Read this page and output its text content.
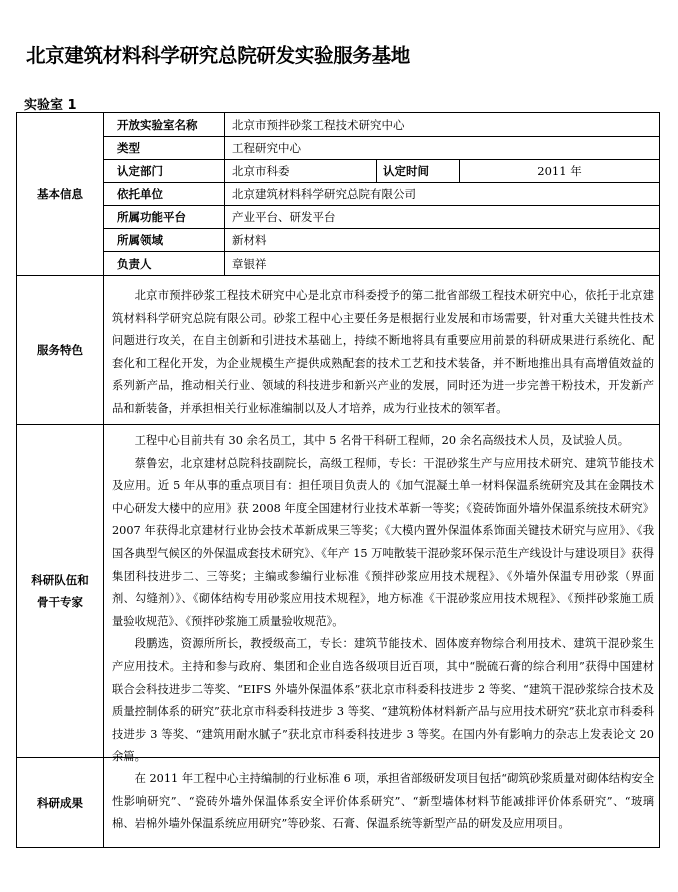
北京建筑材料科学研究总院研发实验服务基地
实验室 1
基本信息
开放实验室名称	北京市预拌砂浆工程技术研究中心
类型	工程研究中心
认定部门	北京市科委	认定时间	2011 年
依托单位	北京建筑材料科学研究总院有限公司
所属功能平台	产业平台、研发平台
所属领域	新材料
负责人	章银祥
服务特色
北京市预拌砂浆工程技术研究中心是北京市科委授予的第二批省部级工程技术研究中心，依托于北京建筑材料科学研究总院有限公司。砂浆工程中心主要任务是根据行业发展和市场需要，针对重大关键共性技术问题进行攻关，在自主创新和引进技术基础上，持续不断地将具有重要应用前景的科研成果进行系统化、配套化和工程化开发，为企业规模生产提供成熟配套的技术工艺和技术装备，并不断地推出具有高增值效益的系列新产品，推动相关行业、领域的科技进步和新兴产业的发展，同时还为进一步完善干粉技术，开发新产品和新装备，并承担相关行业标准编制以及人才培养，成为行业技术的领军者。
科研队伍和
骨干专家

工程中心目前共有 30 余名员工，其中 5 名骨干科研工程师，20 余名高级技术人员，及试验人员。

蔡鲁宏，北京建材总院科技副院长，高级工程师，专长：干混砂浆生产与应用技术研究、建筑节能技术及应用。近 5 年从事的重点项目有：担任项目负责人的《加气混凝土单一材料保温系统研究及其在金隅技术中心研发大楼中的应用》获 2008 年度全国建材行业技术革新一等奖；《瓷砖饰面外墙外保温系统技术研究》2007 年获得北京建材行业协会技术革新成果三等奖；《大模内置外保温体系饰面关键技术研究与应用》、《我国各典型气候区的外保温成套技术研究》、《年产 15 万吨散装干混砂浆环保示范生产线设计与建设项目》获得集团科技进步二、三等奖；主编或参编行业标准《预拌砂浆应用技术规程》、《外墙外保温专用砂浆（界面剂、勾缝剂）》、《砌体结构专用砂浆应用技术规程》，地方标准《干混砂浆应用技术规程》、《预拌砂浆施工质量验收规范》、《预拌砂浆施工质量验收规范》。

段鹏选，资源所所长，教授级高工，专长：建筑节能技术、固体废弃物综合利用技术、建筑干混砂浆生产应用技术。主持和参与政府、集团和企业自选各级项目近百项，其中“脱硫石膏的综合利用”获得中国建材联合会科技进步二等奖、“EIFS 外墙外保温体系”获北京市科委科技进步 2 等奖、“建筑干混砂浆综合技术及质量控制体系的研究”获北京市科委科技进步 3 等奖、“建筑粉体材料新产品与应用技术研究”获北京市科委科技进步 3 等奖、“建筑用耐水腻子”获北京市科委科技进步 3 等奖。在国内外有影响力的杂志上发表论文 20 余篇。

科研成果
在 2011 年工程中心主持编制的行业标准 6 项，承担省部级研发项目包括“砌筑砂浆质量对砌体结构安全性影响研究”、“瓷砖外墙外保温体系安全评价体系研究”、“新型墙体材料节能减排评价体系研究”、“玻璃棉、岩棉外墙外保温系统应用研究”等砂浆、石膏、保温系统等新型产品的研发及应用项目。
